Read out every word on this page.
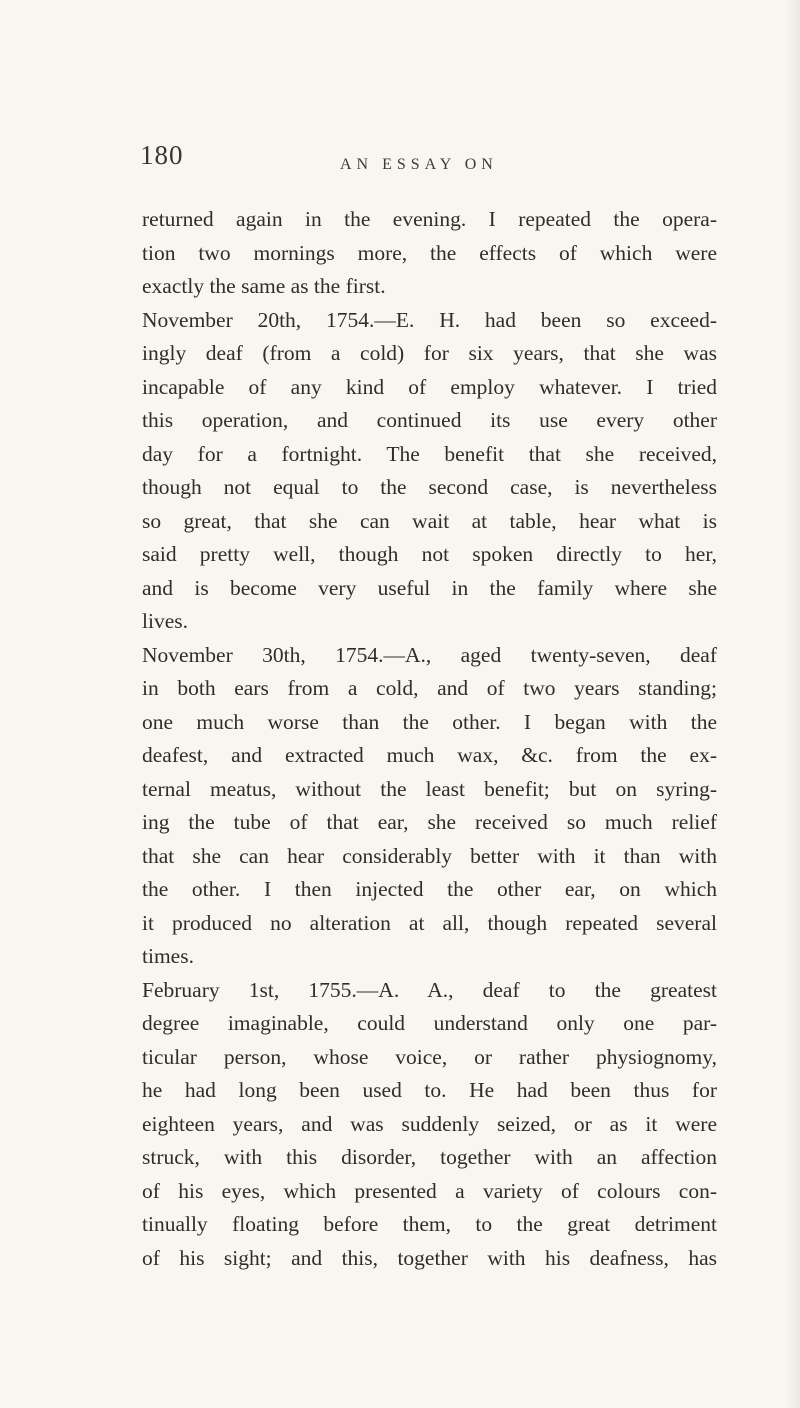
180	AN ESSAY ON
returned again in the evening. I repeated the opera-
tion two mornings more, the effects of which were
exactly the same as the first.
November 20th, 1754.—E. H. had been so exceed-
ingly deaf (from a cold) for six years, that she was
incapable of any kind of employ whatever. I tried
this operation, and continued its use every other
day for a fortnight. The benefit that she received,
though not equal to the second case, is nevertheless
so great, that she can wait at table, hear what is
said pretty well, though not spoken directly to her,
and is become very useful in the family where she
lives.
November 30th, 1754.—A., aged twenty-seven, deaf
in both ears from a cold, and of two years standing;
one much worse than the other. I began with the
deafest, and extracted much wax, &c. from the ex-
ternal meatus, without the least benefit; but on syring-
ing the tube of that ear, she received so much relief
that she can hear considerably better with it than with
the other. I then injected the other ear, on which
it produced no alteration at all, though repeated several
times.
February 1st, 1755.—A. A., deaf to the greatest
degree imaginable, could understand only one par-
ticular person, whose voice, or rather physiognomy,
he had long been used to. He had been thus for
eighteen years, and was suddenly seized, or as it were
struck, with this disorder, together with an affection
of his eyes, which presented a variety of colours con-
tinually floating before them, to the great detriment
of his sight; and this, together with his deafness, has
